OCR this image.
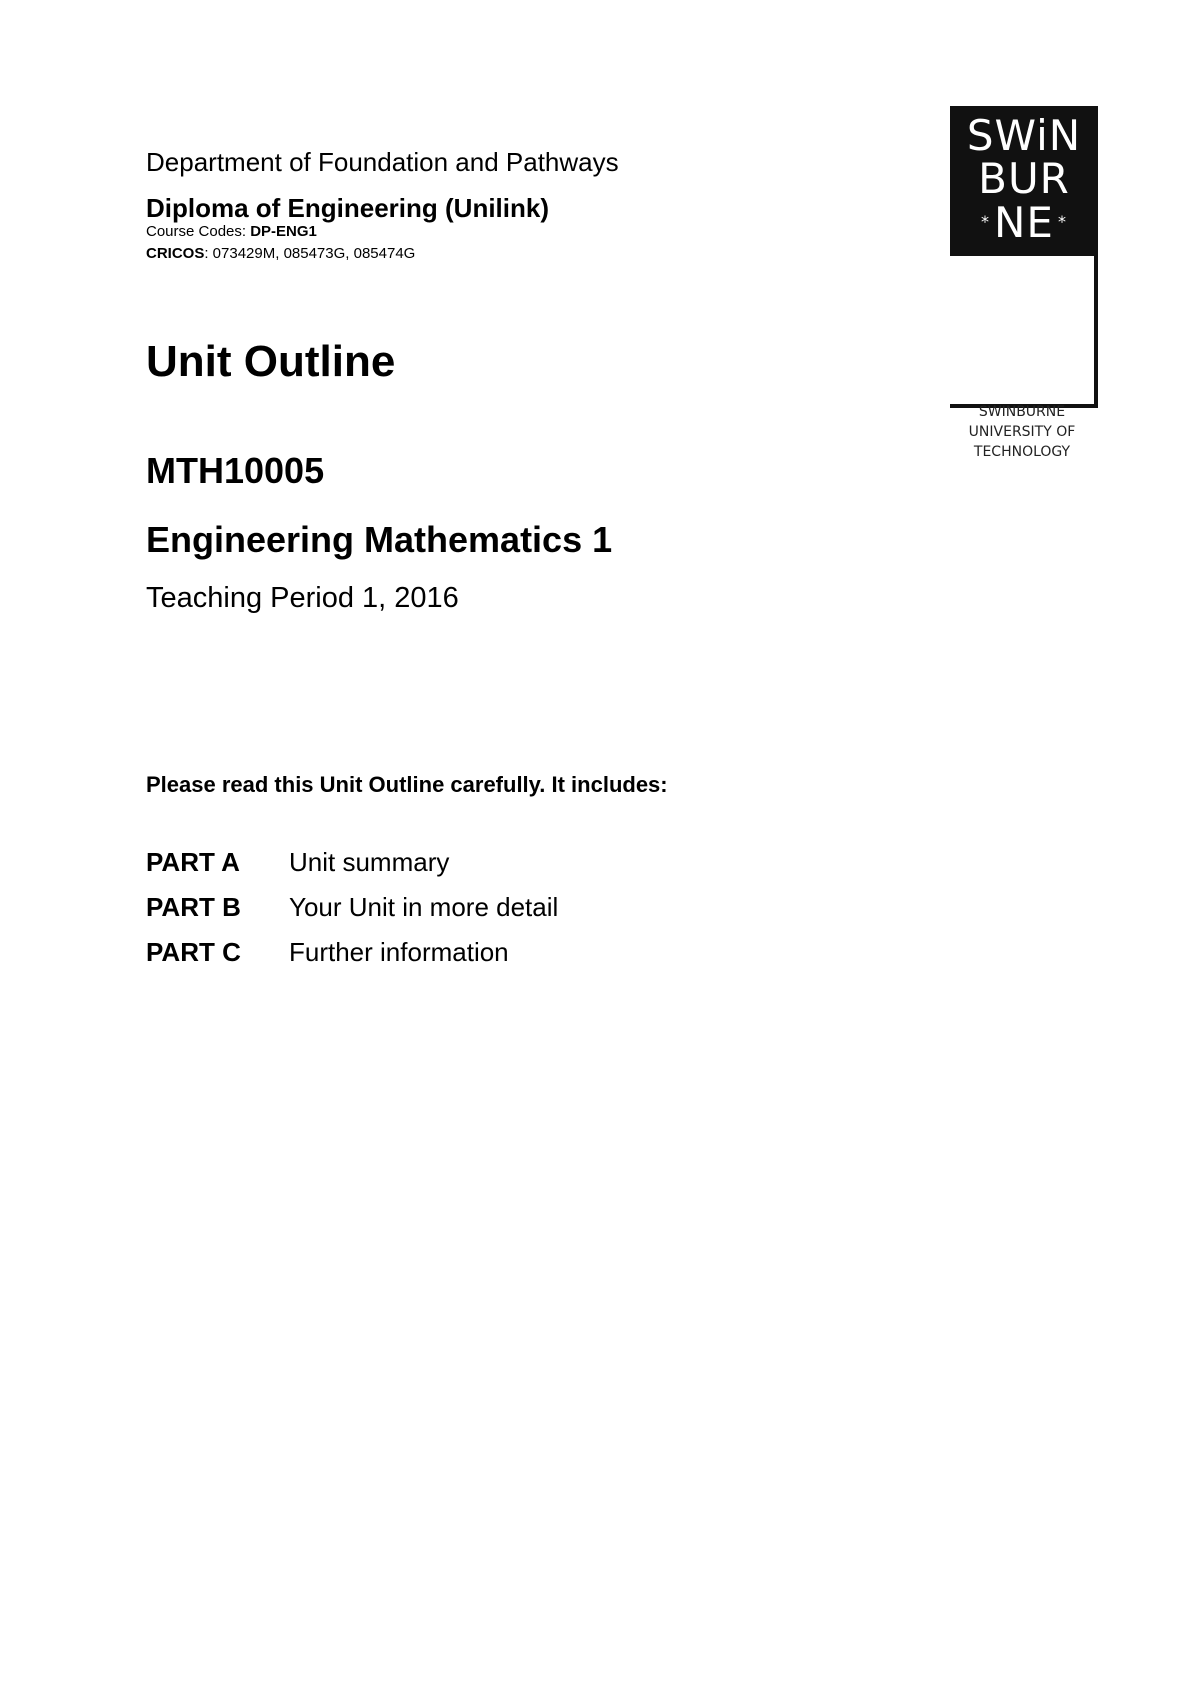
SWiN
BUR
*NE *
SWINBURNE
UNIVERSITY OF
TECHNOLOGY
Department of Foundation and Pathways
Diploma of Engineering (Unilink)
Course Codes: DP-ENG1
CRICOS: 073429M, 085473G, 085474G
Unit Outline
MTH10005
Engineering Mathematics 1
Teaching Period 1, 2016
Please read this Unit Outline carefully. It includes:
PART A Unit summary
PART B Your Unit in more detail
PART C Further information
